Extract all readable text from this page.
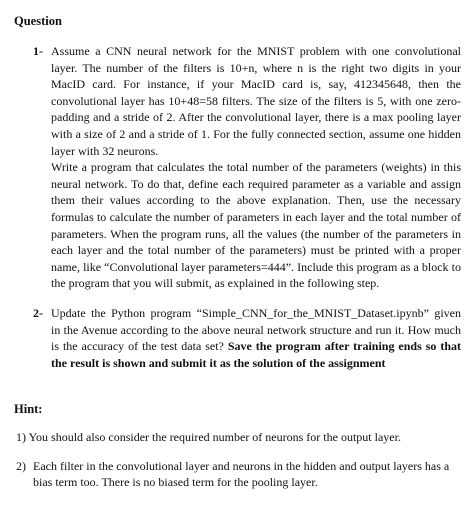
Question
1- Assume a CNN neural network for the MNIST problem with one convolutional layer. The number of the filters is 10+n, where n is the right two digits in your MacID card. For instance, if your MacID card is, say, 412345648, then the convolutional layer has 10+48=58 filters. The size of the filters is 5, with one zero-padding and a stride of 2. After the convolutional layer, there is a max pooling layer with a size of 2 and a stride of 1. For the fully connected section, assume one hidden layer with 32 neurons.

Write a program that calculates the total number of the parameters (weights) in this neural network. To do that, define each required parameter as a variable and assign them their values according to the above explanation. Then, use the necessary formulas to calculate the number of parameters in each layer and the total number of parameters. When the program runs, all the values (the number of the parameters in each layer and the total number of the parameters) must be printed with a proper name, like “Convolutional layer parameters=444”. Include this program as a block to the program that you will submit, as explained in the following step.

2- Update the Python program “Simple_CNN_for_the_MNIST_Dataset.ipynb” given in the Avenue according to the above neural network structure and run it. How much is the accuracy of the test data set? Save the program after training ends so that the result is shown and submit it as the solution of the assignment
Hint:
1) You should also consider the required number of neurons for the output layer.
2) Each filter in the convolutional layer and neurons in the hidden and output layers has a bias term too. There is no biased term for the pooling layer.
